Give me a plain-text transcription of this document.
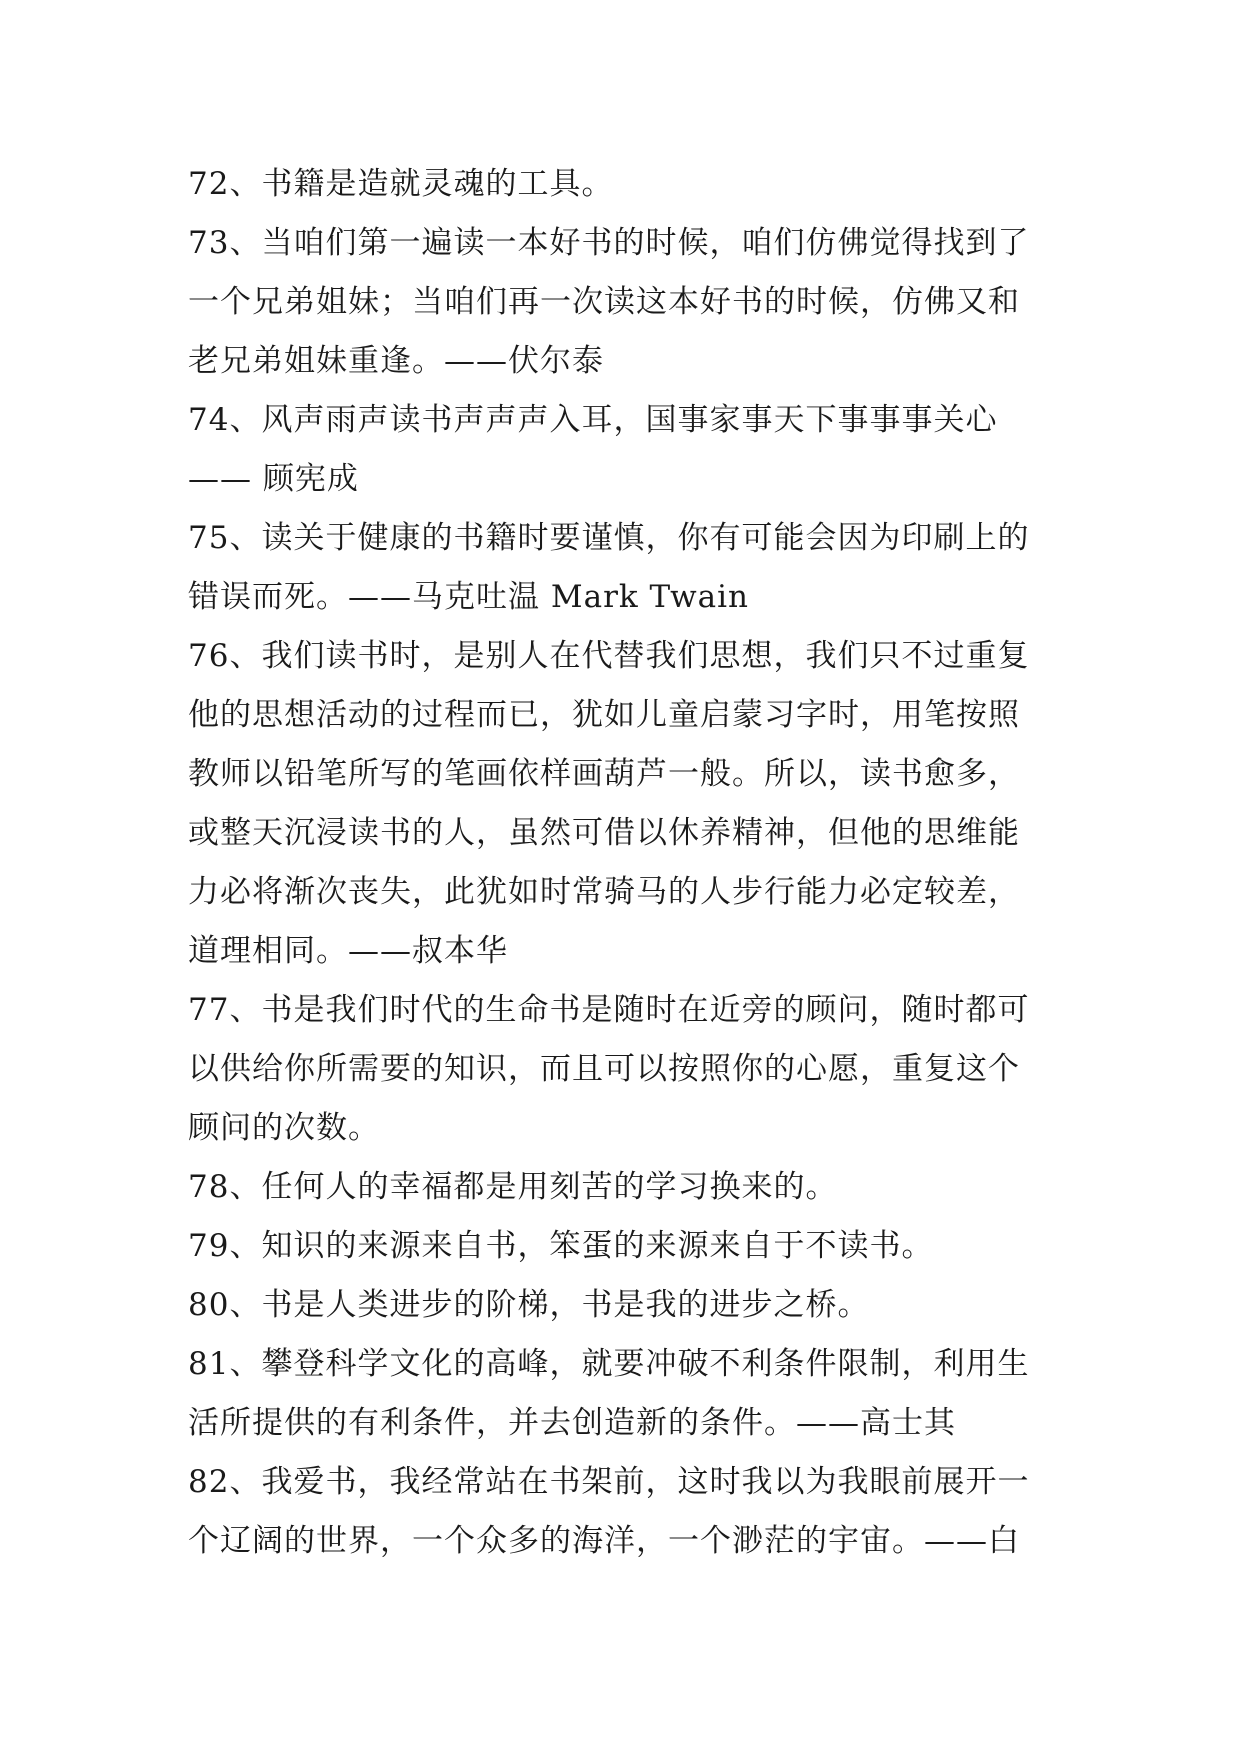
72、书籍是造就灵魂的工具。
73、当咱们第一遍读一本好书的时候，咱们仿佛觉得找到了
一个兄弟姐妹；当咱们再一次读这本好书的时候，仿佛又和
老兄弟姐妹重逢。——伏尔泰
74、风声雨声读书声声声入耳，国事家事天下事事事关心
—— 顾宪成
75、读关于健康的书籍时要谨慎，你有可能会因为印刷上的
错误而死。——马克吐温 Mark Twain
76、我们读书时，是别人在代替我们思想，我们只不过重复
他的思想活动的过程而已，犹如儿童启蒙习字时，用笔按照
教师以铅笔所写的笔画依样画葫芦一般。所以，读书愈多，
或整天沉浸读书的人，虽然可借以休养精神，但他的思维能
力必将渐次丧失，此犹如时常骑马的人步行能力必定较差，
道理相同。——叔本华
77、书是我们时代的生命书是随时在近旁的顾问，随时都可
以供给你所需要的知识，而且可以按照你的心愿，重复这个
顾问的次数。
78、任何人的幸福都是用刻苦的学习换来的。
79、知识的来源来自书，笨蛋的来源来自于不读书。
80、书是人类进步的阶梯，书是我的进步之桥。
81、攀登科学文化的高峰，就要冲破不利条件限制，利用生
活所提供的有利条件，并去创造新的条件。——高士其
82、我爱书，我经常站在书架前，这时我以为我眼前展开一
个辽阔的世界，一个众多的海洋，一个渺茫的宇宙。——白
